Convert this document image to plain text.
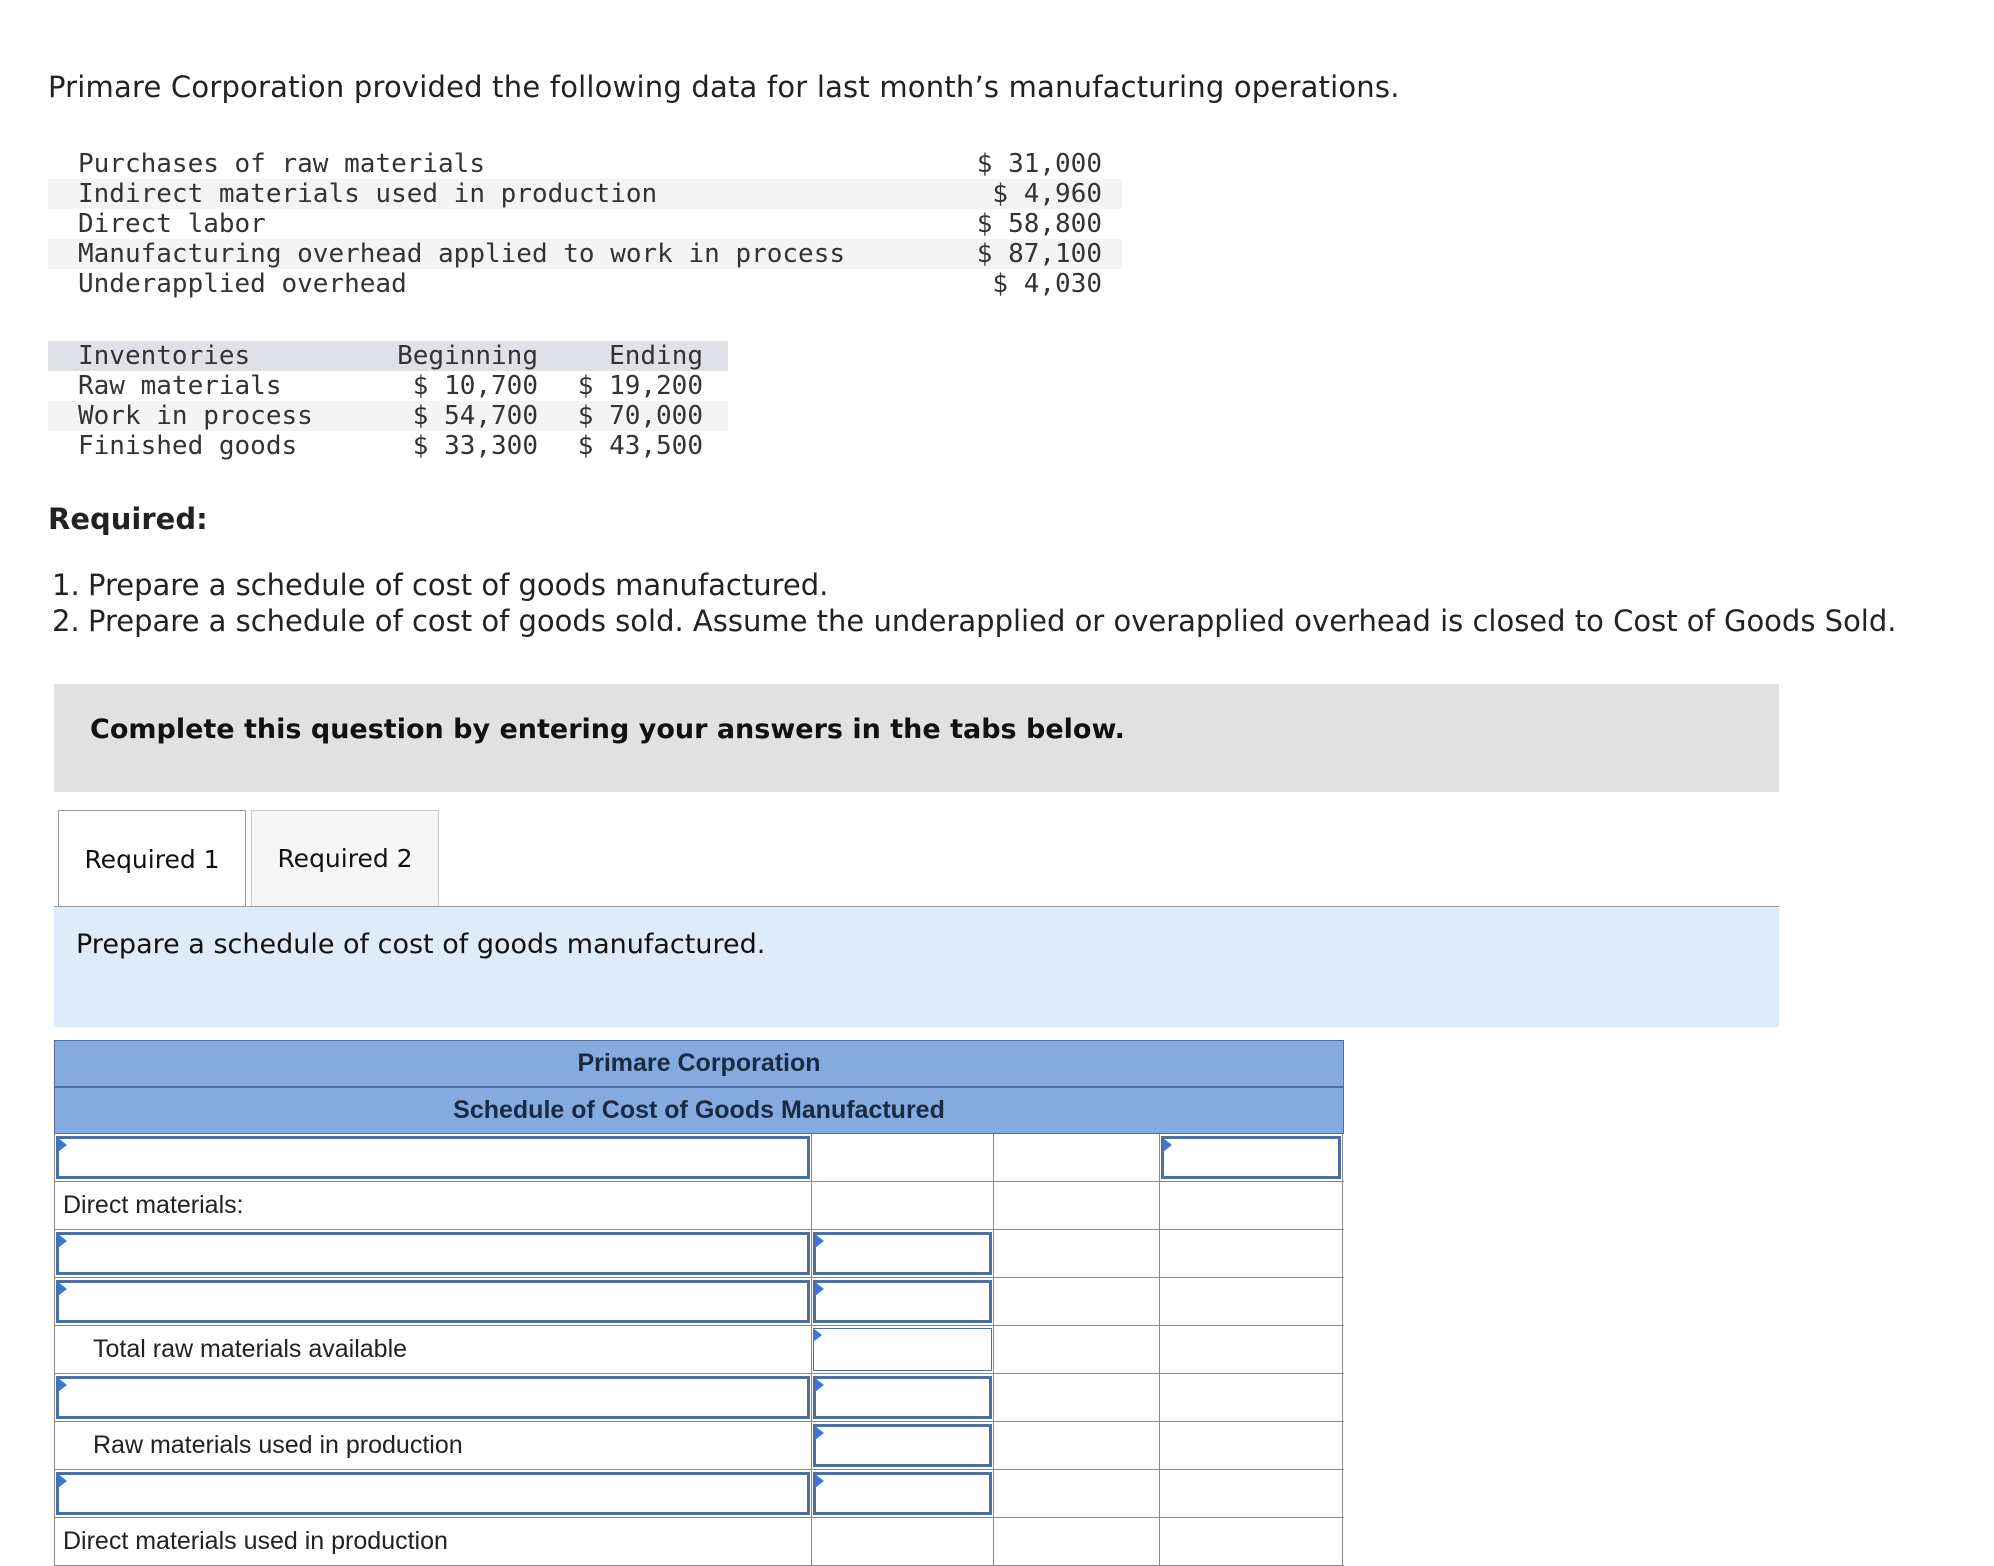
Primare Corporation provided the following data for last month’s manufacturing operations.
Purchases of raw materials	$ 31,000
Indirect materials used in production	$ 4,960
Direct labor	$ 58,800
Manufacturing overhead applied to work in process	$ 87,100
Underapplied overhead	$ 4,030
Inventories	Beginning	Ending
Raw materials	$ 10,700	$ 19,200
Work in process	$ 54,700	$ 70,000
Finished goods	$ 33,300	$ 43,500
Required:
1. Prepare a schedule of cost of goods manufactured.
2. Prepare a schedule of cost of goods sold. Assume the underapplied or overapplied overhead is closed to Cost of Goods Sold.
Complete this question by entering your answers in the tabs below.
Required 1	Required 2
Prepare a schedule of cost of goods manufactured.
Primare Corporation
Schedule of Cost of Goods Manufactured
Direct materials:
Total raw materials available
Raw materials used in production
Direct materials used in production
